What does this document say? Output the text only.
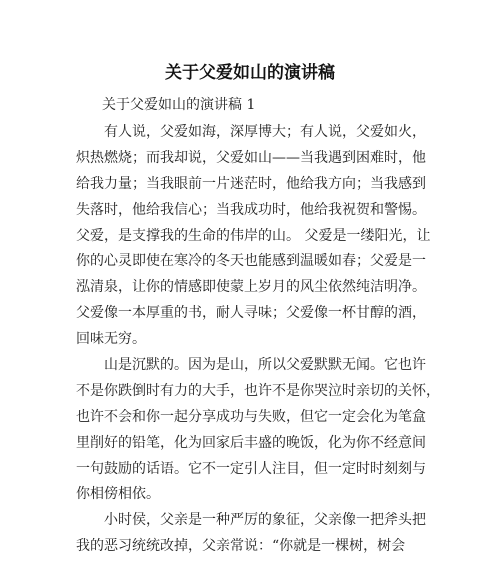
关于父爱如山的演讲稿

关于父爱如山的演讲稿 1

有人说，父爱如海，深厚博大；有人说，父爱如火，

炽热燃烧；而我却说，父爱如山——当我遇到困难时，他

给我力量；当我眼前一片迷茫时，他给我方向；当我感到

失落时，他给我信心；当我成功时，他给我祝贺和警惕。

父爱，是支撑我的生命的伟岸的山。 父爱是一缕阳光，让

你的心灵即使在寒冷的冬天也能感到温暖如春；父爱是一

泓清泉，让你的情感即使蒙上岁月的风尘依然纯洁明净。

父爱像一本厚重的书，耐人寻味；父爱像一杯甘醇的酒，

回味无穷。

山是沉默的。因为是山，所以父爱默默无闻。它也许

不是你跌倒时有力的大手，也许不是你哭泣时亲切的关怀，

也许不会和你一起分享成功与失败，但它一定会化为笔盒

里削好的铅笔，化为回家后丰盛的晚饭，化为你不经意间

一句鼓励的话语。它不一定引人注目，但一定时时刻刻与

你相傍相依。

小时侯，父亲是一种严厉的象征，父亲像一把斧头把

我的恶习统统改掉，父亲常说：“你就是一棵树，树会
